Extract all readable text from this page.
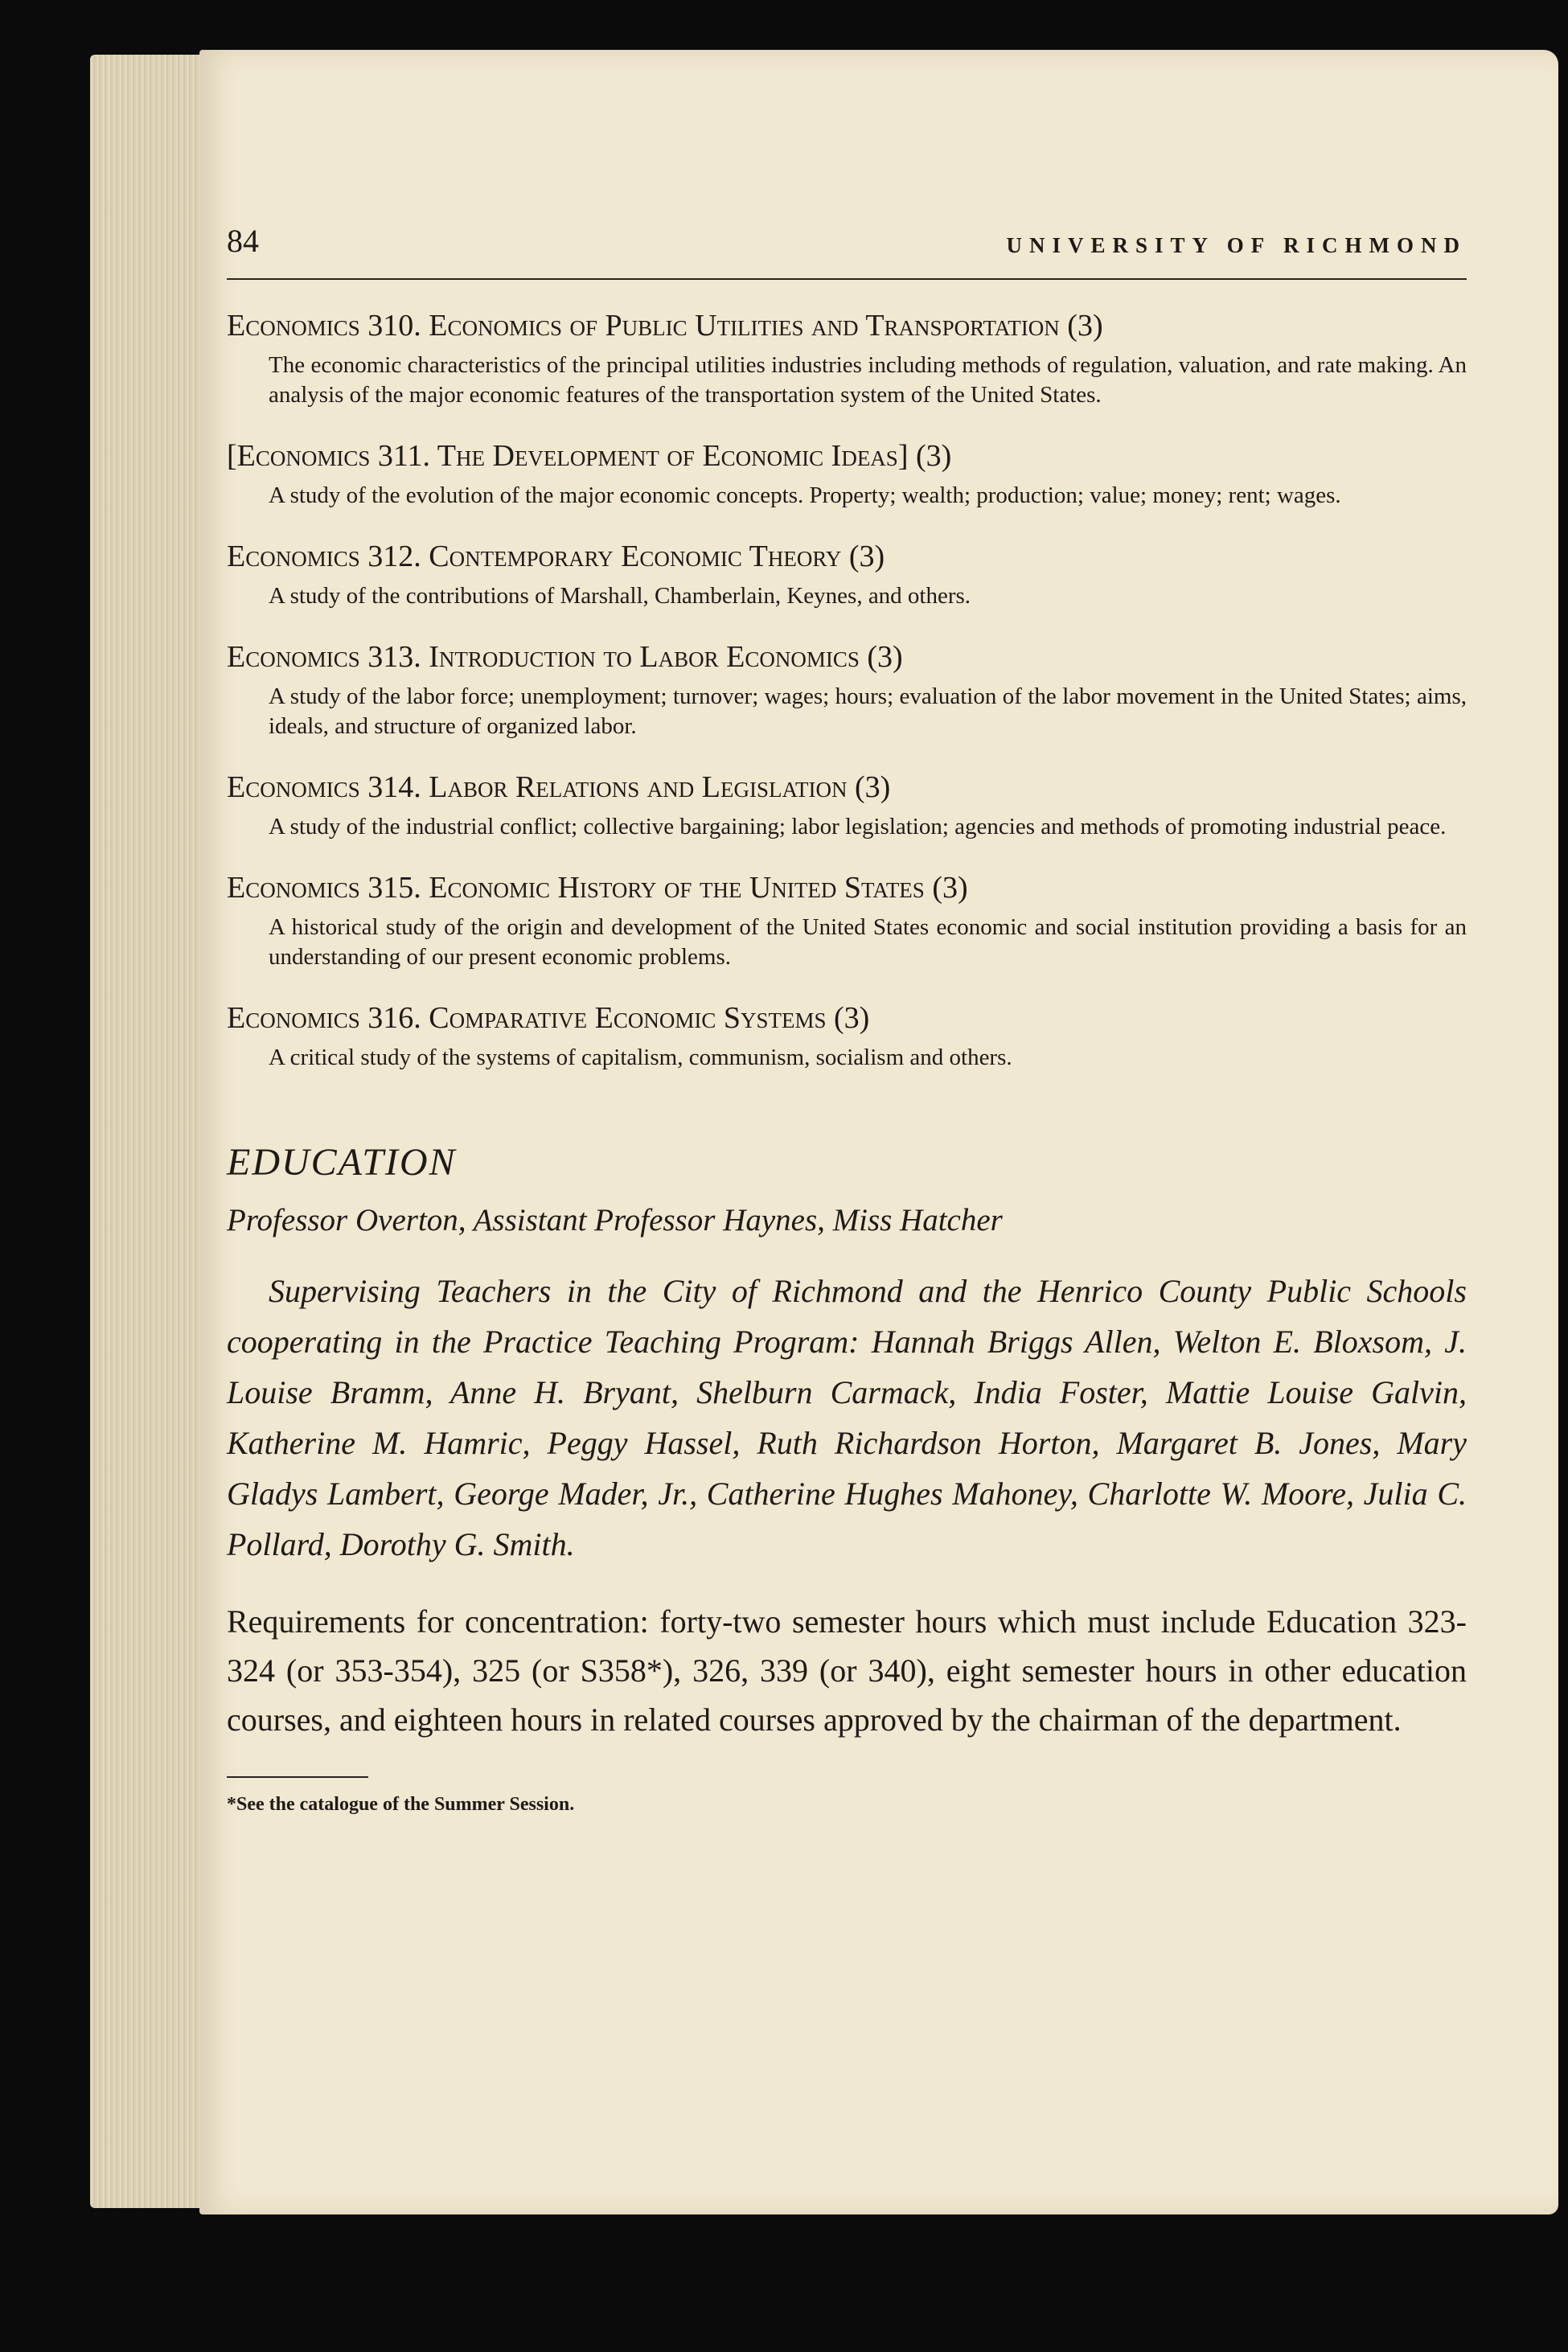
84	UNIVERSITY OF RICHMOND
Economics 310. Economics of Public Utilities and Transportation (3)
The economic characteristics of the principal utilities industries including methods of regulation, valuation, and rate making. An analysis of the major economic features of the transportation system of the United States.
[Economics 311. The Development of Economic Ideas] (3)
A study of the evolution of the major economic concepts. Property; wealth; production; value; money; rent; wages.
Economics 312. Contemporary Economic Theory (3)
A study of the contributions of Marshall, Chamberlain, Keynes, and others.
Economics 313. Introduction to Labor Economics (3)
A study of the labor force; unemployment; turnover; wages; hours; evaluation of the labor movement in the United States; aims, ideals, and structure of organized labor.
Economics 314. Labor Relations and Legislation (3)
A study of the industrial conflict; collective bargaining; labor legislation; agencies and methods of promoting industrial peace.
Economics 315. Economic History of the United States (3)
A historical study of the origin and development of the United States economic and social institution providing a basis for an understanding of our present economic problems.
Economics 316. Comparative Economic Systems (3)
A critical study of the systems of capitalism, communism, socialism and others.
EDUCATION
Professor Overton, Assistant Professor Haynes, Miss Hatcher
Supervising Teachers in the City of Richmond and the Henrico County Public Schools cooperating in the Practice Teaching Program: Hannah Briggs Allen, Welton E. Bloxsom, J. Louise Bramm, Anne H. Bryant, Shelburn Carmack, India Foster, Mattie Louise Galvin, Katherine M. Hamric, Peggy Hassel, Ruth Richardson Horton, Margaret B. Jones, Mary Gladys Lambert, George Mader, Jr., Catherine Hughes Mahoney, Charlotte W. Moore, Julia C. Pollard, Dorothy G. Smith.
Requirements for concentration: forty-two semester hours which must include Education 323-324 (or 353-354), 325 (or S358*), 326, 339 (or 340), eight semester hours in other education courses, and eighteen hours in related courses approved by the chairman of the department.
*See the catalogue of the Summer Session.
